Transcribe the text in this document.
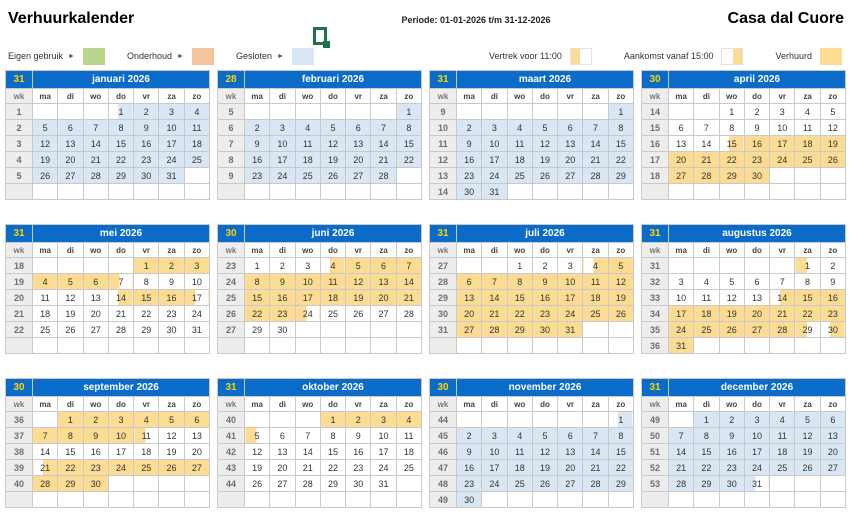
Verhuurkalender	Periode: 01-01-2026 t/m 31-12-2026	Casa dal Cuore
Eigen gebruik ►	Onderhoud ►	Gesloten ►	Vertrek voor 11:00	Aankomst vanaf 15:00	Verhuurd
31	januari 2026						
wk	ma	di	wo	do	vr	za	zo
1				1	2	3	4
2	5	6	7	8	9	10	11
3	12	13	14	15	16	17	18
4	19	20	21	22	23	24	25
5	26	27	28	29	30	31	

28	februari 2026						
wk	ma	di	wo	do	vr	za	zo
5							1
6	2	3	4	5	6	7	8
7	9	10	11	12	13	14	15
8	16	17	18	19	20	21	22
9	23	24	25	26	27	28	

31	maart 2026						
wk	ma	di	wo	do	vr	za	zo
9							1
10	2	3	4	5	6	7	8
11	9	10	11	12	13	14	15
12	16	17	18	19	20	21	22
13	23	24	25	26	27	28	29
14	30	31					
30	april 2026						
wk	ma	di	wo	do	vr	za	zo
14			1	2	3	4	5
15	6	7	8	9	10	11	12
16	13	14	15	16	17	18	19
17	20	21	22	23	24	25	26
18	27	28	29	30			

31	mei 2026						
wk	ma	di	wo	do	vr	za	zo
18					1	2	3
19	4	5	6	7	8	9	10
20	11	12	13	14	15	16	17
21	18	19	20	21	22	23	24
22	25	26	27	28	29	30	31

30	juni 2026						
wk	ma	di	wo	do	vr	za	zo
23	1	2	3	4	5	6	7
24	8	9	10	11	12	13	14
25	15	16	17	18	19	20	21
26	22	23	24	25	26	27	28
27	29	30					

31	juli 2026						
wk	ma	di	wo	do	vr	za	zo
27			1	2	3	4	5
28	6	7	8	9	10	11	12
29	13	14	15	16	17	18	19
30	20	21	22	23	24	25	26
31	27	28	29	30	31		

31	augustus 2026						
wk	ma	di	wo	do	vr	za	zo
31						1	2
32	3	4	5	6	7	8	9
33	10	11	12	13	14	15	16
34	17	18	19	20	21	22	23
35	24	25	26	27	28	29	30
36	31						
30	september 2026						
wk	ma	di	wo	do	vr	za	zo
36		1	2	3	4	5	6
37	7	8	9	10	11	12	13
38	14	15	16	17	18	19	20
39	21	22	23	24	25	26	27
40	28	29	30				

31	oktober 2026						
wk	ma	di	wo	do	vr	za	zo
40				1	2	3	4
41	5	6	7	8	9	10	11
42	12	13	14	15	16	17	18
43	19	20	21	22	23	24	25
44	26	27	28	29	30	31	

30	november 2026						
wk	ma	di	wo	do	vr	za	zo
44							1
45	2	3	4	5	6	7	8
46	9	10	11	12	13	14	15
47	16	17	18	19	20	21	22
48	23	24	25	26	27	28	29
49	30						
31	december 2026						
wk	ma	di	wo	do	vr	za	zo
49		1	2	3	4	5	6
50	7	8	9	10	11	12	13
51	14	15	16	17	18	19	20
52	21	22	23	24	25	26	27
53	28	29	30	31			
